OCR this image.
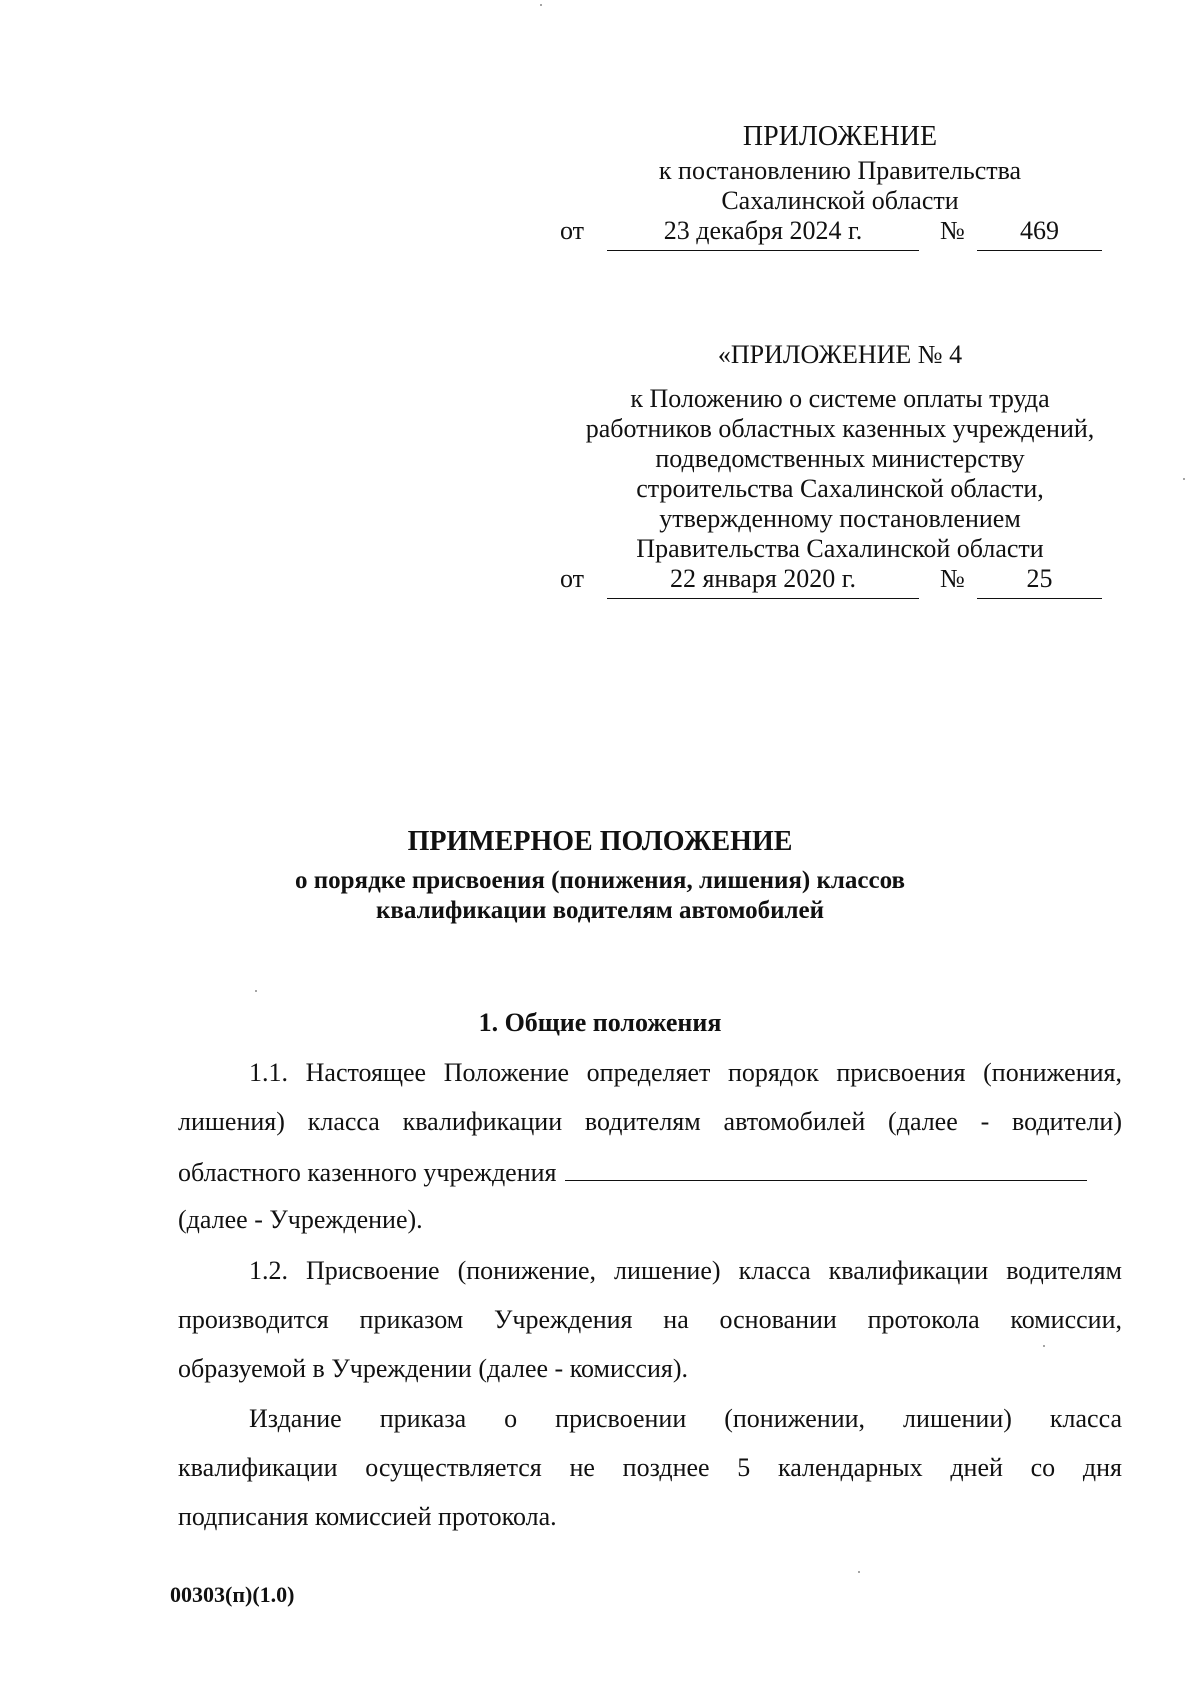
ПРИЛОЖЕНИЕ
к постановлению Правительства
Сахалинской области
от	23 декабря 2024 г.	№	469
«ПРИЛОЖЕНИЕ № 4
к Положению о системе оплаты труда
работников областных казенных учреждений,
подведомственных министерству
строительства Сахалинской области,
утвержденному постановлением
Правительства Сахалинской области
от	22 января 2020 г.	№	25
ПРИМЕРНОЕ ПОЛОЖЕНИЕ
о порядке присвоения (понижения, лишения) классов
квалификации водителям автомобилей
1. Общие положения
1.1. Настоящее Положение определяет порядок присвоения (понижения,
лишения) класса квалификации водителям автомобилей (далее - водители)
областного казенного учреждения
(далее - Учреждение).
1.2. Присвоение (понижение, лишение) класса квалификации водителям
производится приказом Учреждения на основании протокола комиссии,
образуемой в Учреждении (далее - комиссия).
Издание приказа о присвоении (понижении, лишении) класса
квалификации осуществляется не позднее 5 календарных дней со дня
подписания комиссией протокола.
00303(п)(1.0)
